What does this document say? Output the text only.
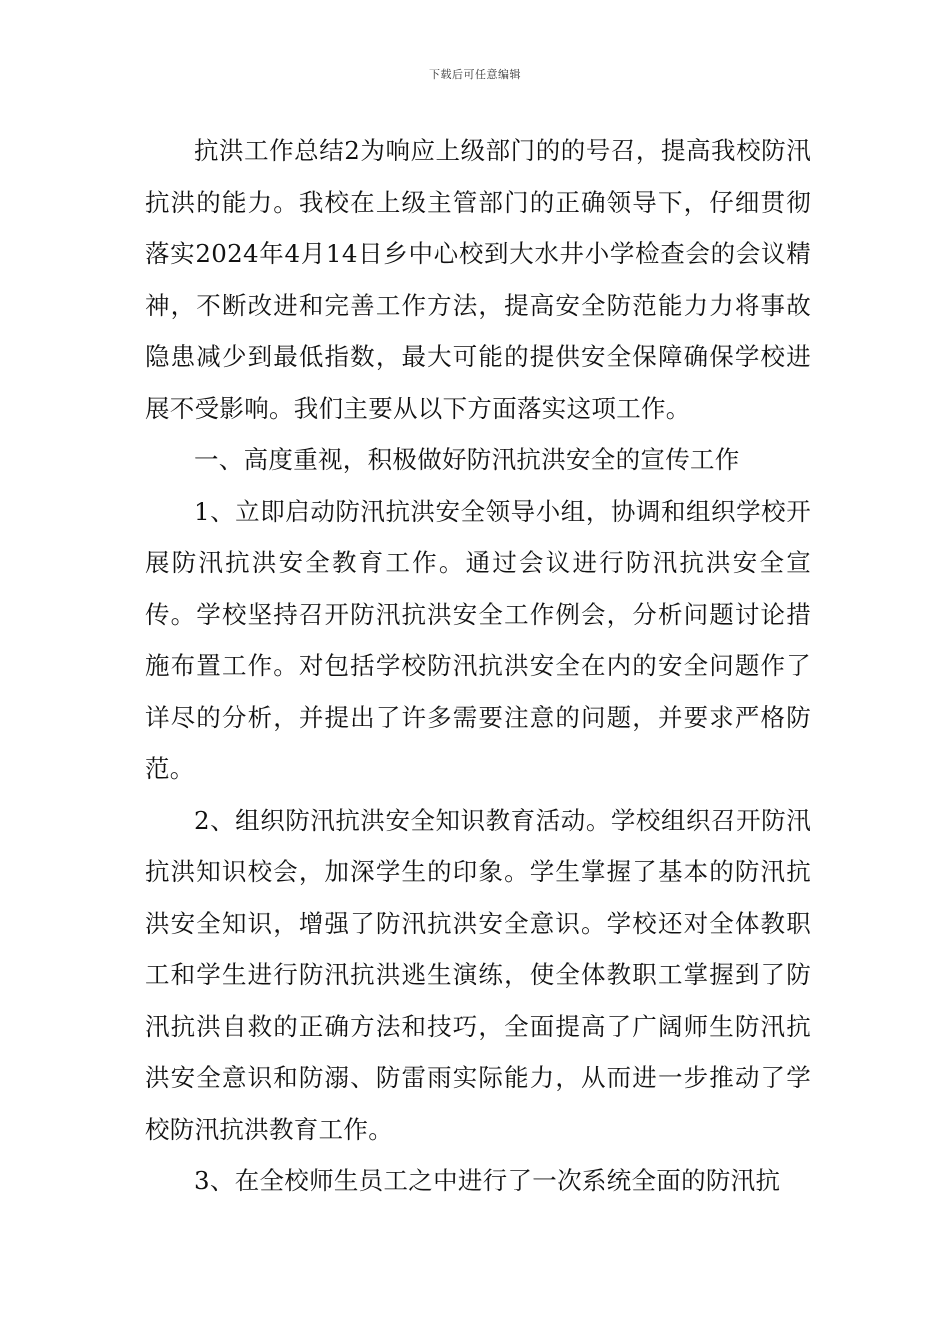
下载后可任意编辑

抗洪工作总结2为响应上级部门的的号召，提高我校防汛抗洪的能力。我校在上级主管部门的正确领导下，仔细贯彻落实2024年4月14日乡中心校到大水井小学检查会的会议精神，不断改进和完善工作方法，提高安全防范能力力将事故隐患减少到最低指数，最大可能的提供安全保障确保学校进展不受影响。我们主要从以下方面落实这项工作。

一、高度重视，积极做好防汛抗洪安全的宣传工作

1、立即启动防汛抗洪安全领导小组，协调和组织学校开展防汛抗洪安全教育工作。通过会议进行防汛抗洪安全宣传。学校坚持召开防汛抗洪安全工作例会，分析问题讨论措施布置工作。对包括学校防汛抗洪安全在内的安全问题作了详尽的分析，并提出了许多需要注意的问题，并要求严格防范。

2、组织防汛抗洪安全知识教育活动。学校组织召开防汛抗洪知识校会，加深学生的印象。学生掌握了基本的防汛抗洪安全知识，增强了防汛抗洪安全意识。学校还对全体教职工和学生进行防汛抗洪逃生演练，使全体教职工掌握到了防汛抗洪自救的正确方法和技巧，全面提高了广阔师生防汛抗洪安全意识和防溺、防雷雨实际能力，从而进一步推动了学校防汛抗洪教育工作。

3、在全校师生员工之中进行了一次系统全面的防汛抗
